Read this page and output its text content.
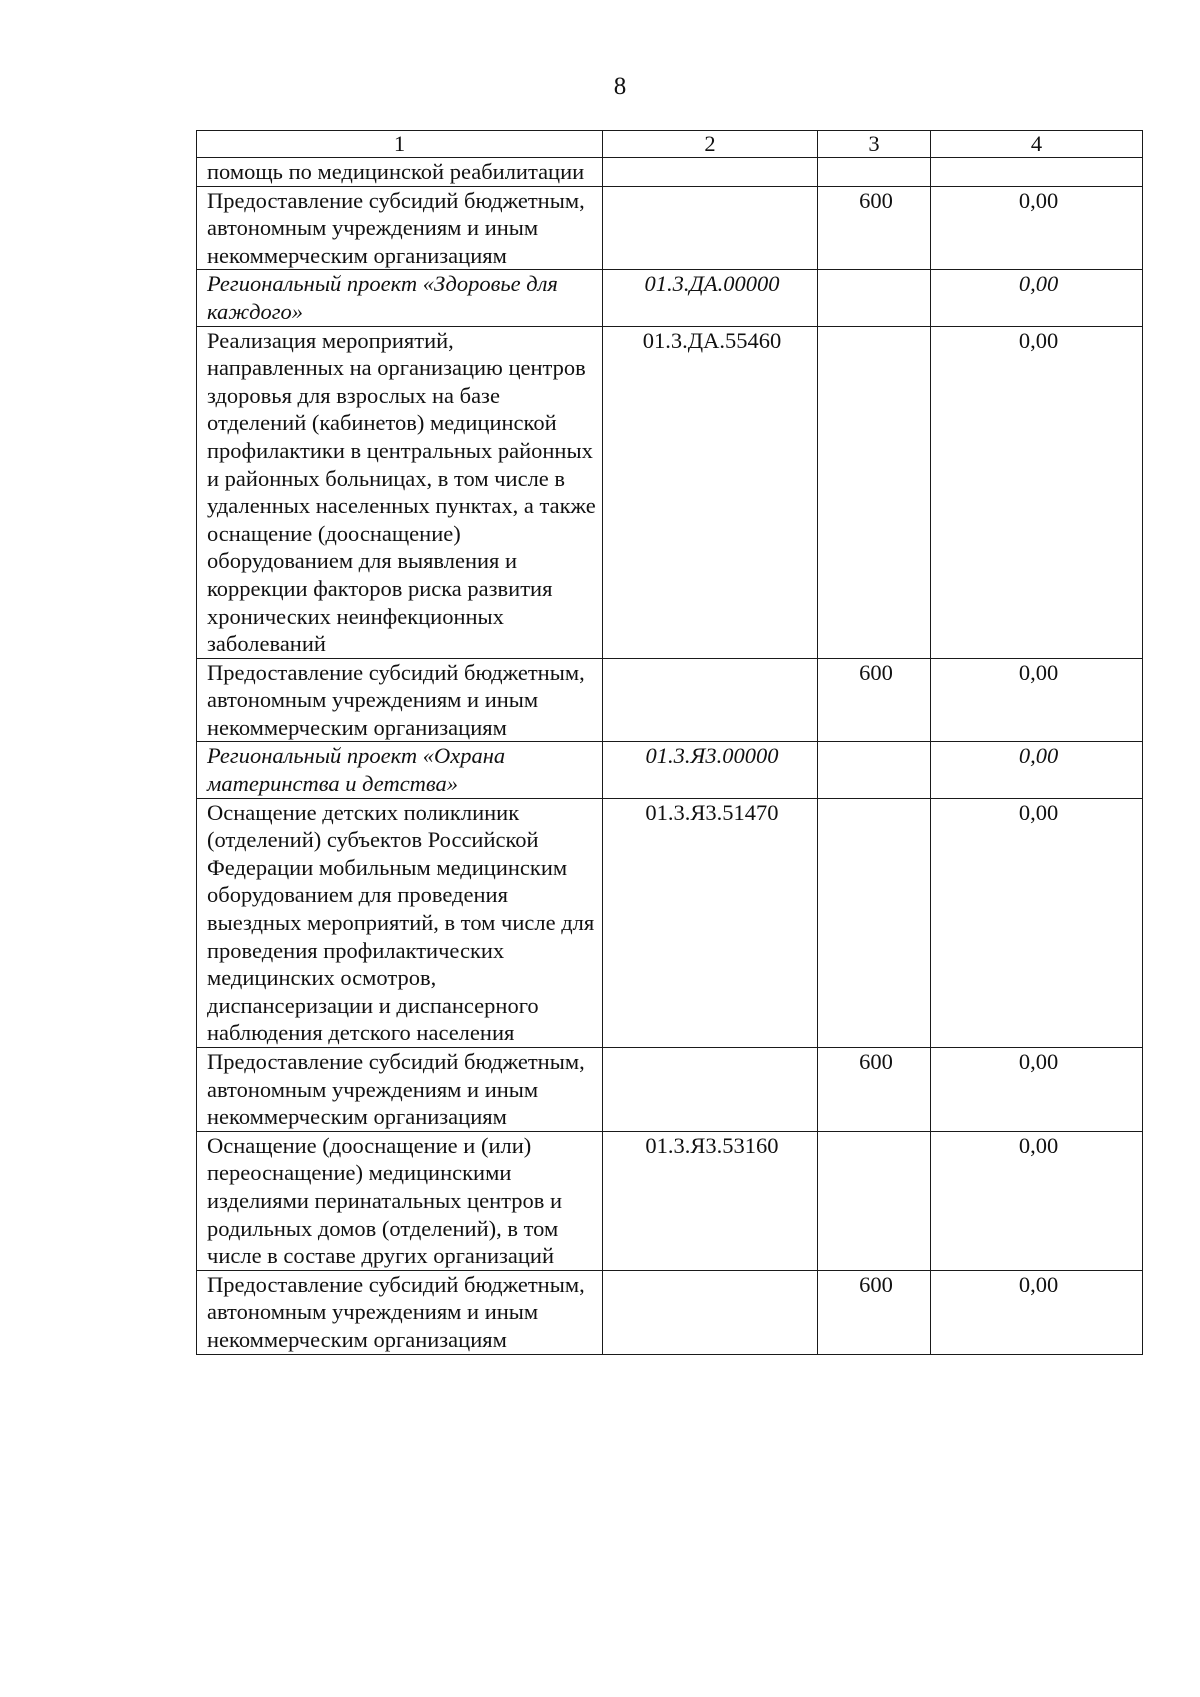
8
1	2	3	4
помощь по медицинской реабилитации			
Предоставление субсидий бюджетным, автономным учреждениям и иным некоммерческим организациям		600	0,00
Региональный проект «Здоровье для каждого»	01.3.ДА.00000		0,00
Реализация мероприятий, направленных на организацию центров здоровья для взрослых на базе отделений (кабинетов) медицинской профилактики в центральных районных и районных больницах, в том числе в удаленных населенных пунктах, а также оснащение (дооснащение) оборудованием для выявления и коррекции факторов риска развития хронических неинфекционных заболеваний	01.3.ДА.55460		0,00
Предоставление субсидий бюджетным, автономным учреждениям и иным некоммерческим организациям		600	0,00
Региональный проект «Охрана материнства и детства»	01.3.Я3.00000		0,00
Оснащение детских поликлиник (отделений) субъектов Российской Федерации мобильным медицинским оборудованием для проведения выездных мероприятий, в том числе для проведения профилактических медицинских осмотров, диспансеризации и диспансерного наблюдения детского населения	01.3.Я3.51470		0,00
Предоставление субсидий бюджетным, автономным учреждениям и иным некоммерческим организациям		600	0,00
Оснащение (дооснащение и (или) переоснащение) медицинскими изделиями перинатальных центров и родильных домов (отделений), в том числе в составе других организаций	01.3.Я3.53160		0,00
Предоставление субсидий бюджетным, автономным учреждениям и иным некоммерческим организациям		600	0,00
